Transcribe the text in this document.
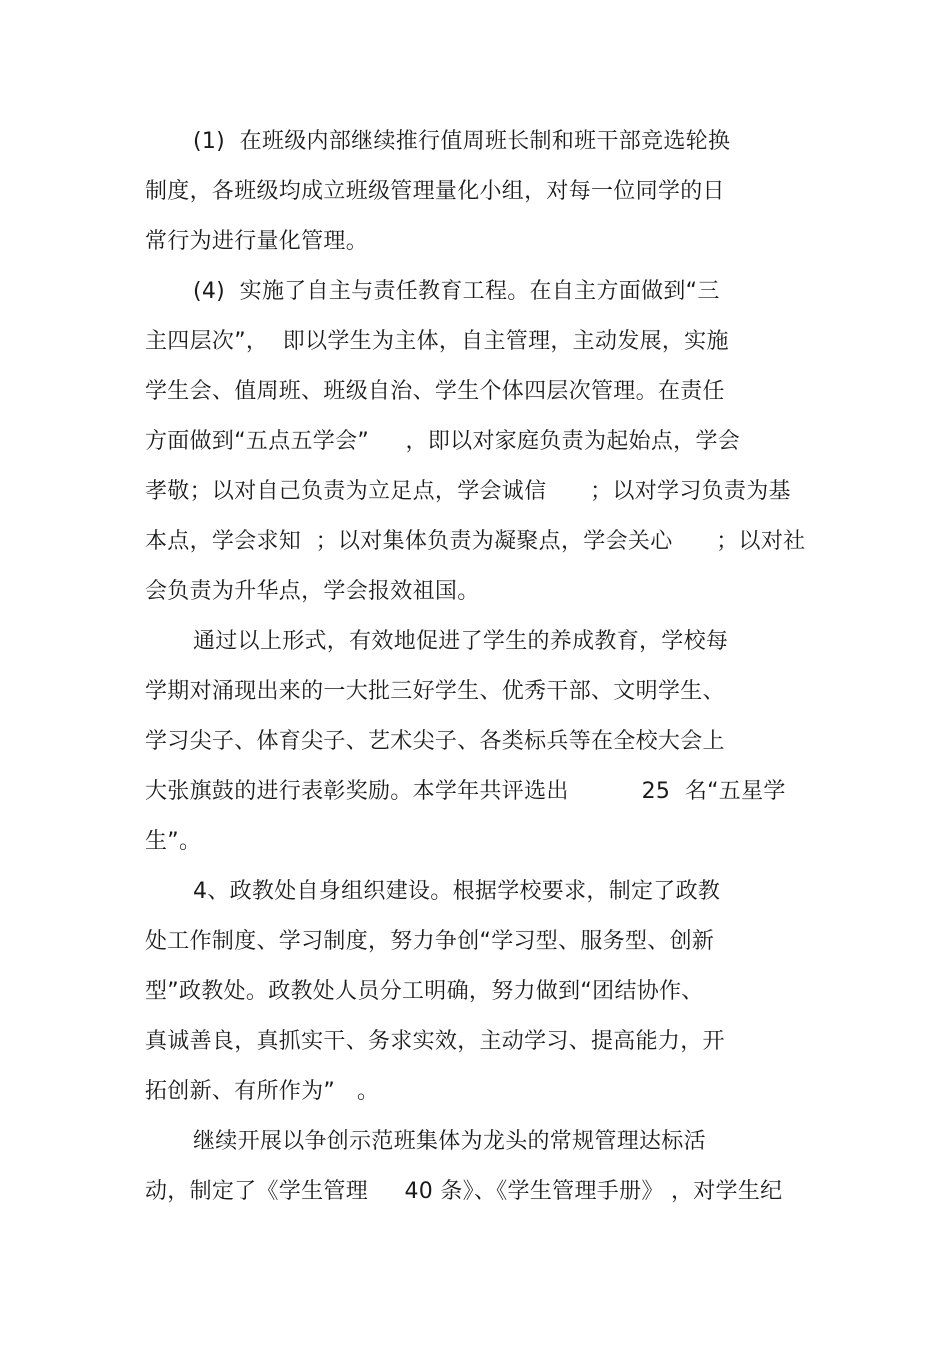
(1)  在班级内部继续推行值周班长制和班干部竞选轮换

制度，各班级均成立班级管理量化小组，对每一位同学的日

常行为进行量化管理。

(4)  实施了自主与责任教育工程。在自主方面做到“三

主四层次”，  即以学生为主体，自主管理，主动发展，实施

学生会、值周班、班级自治、学生个体四层次管理。在责任

方面做到“五点五学会”     ，即以对家庭负责为起始点，学会

孝敬；以对自己负责为立足点，学会诚信      ；以对学习负责为基

本点，学会求知  ；以对集体负责为凝聚点，学会关心      ；以对社

会负责为升华点，学会报效祖国。

通过以上形式，有效地促进了学生的养成教育，学校每

学期对涌现出来的一大批三好学生、优秀干部、文明学生、

学习尖子、体育尖子、艺术尖子、各类标兵等在全校大会上

大张旗鼓的进行表彰奖励。本学年共评选出          25  名“五星学

生”。

4、政教处自身组织建设。根据学校要求，制定了政教

处工作制度、学习制度，努力争创“学习型、服务型、创新

型”政教处。政教处人员分工明确，努力做到“团结协作、

真诚善良，真抓实干、务求实效，主动学习、提高能力，开

拓创新、有所作为”   。

继续开展以争创示范班集体为龙头的常规管理达标活

动，制定了《学生管理     40 条》、《学生管理手册》 ，对学生纪
